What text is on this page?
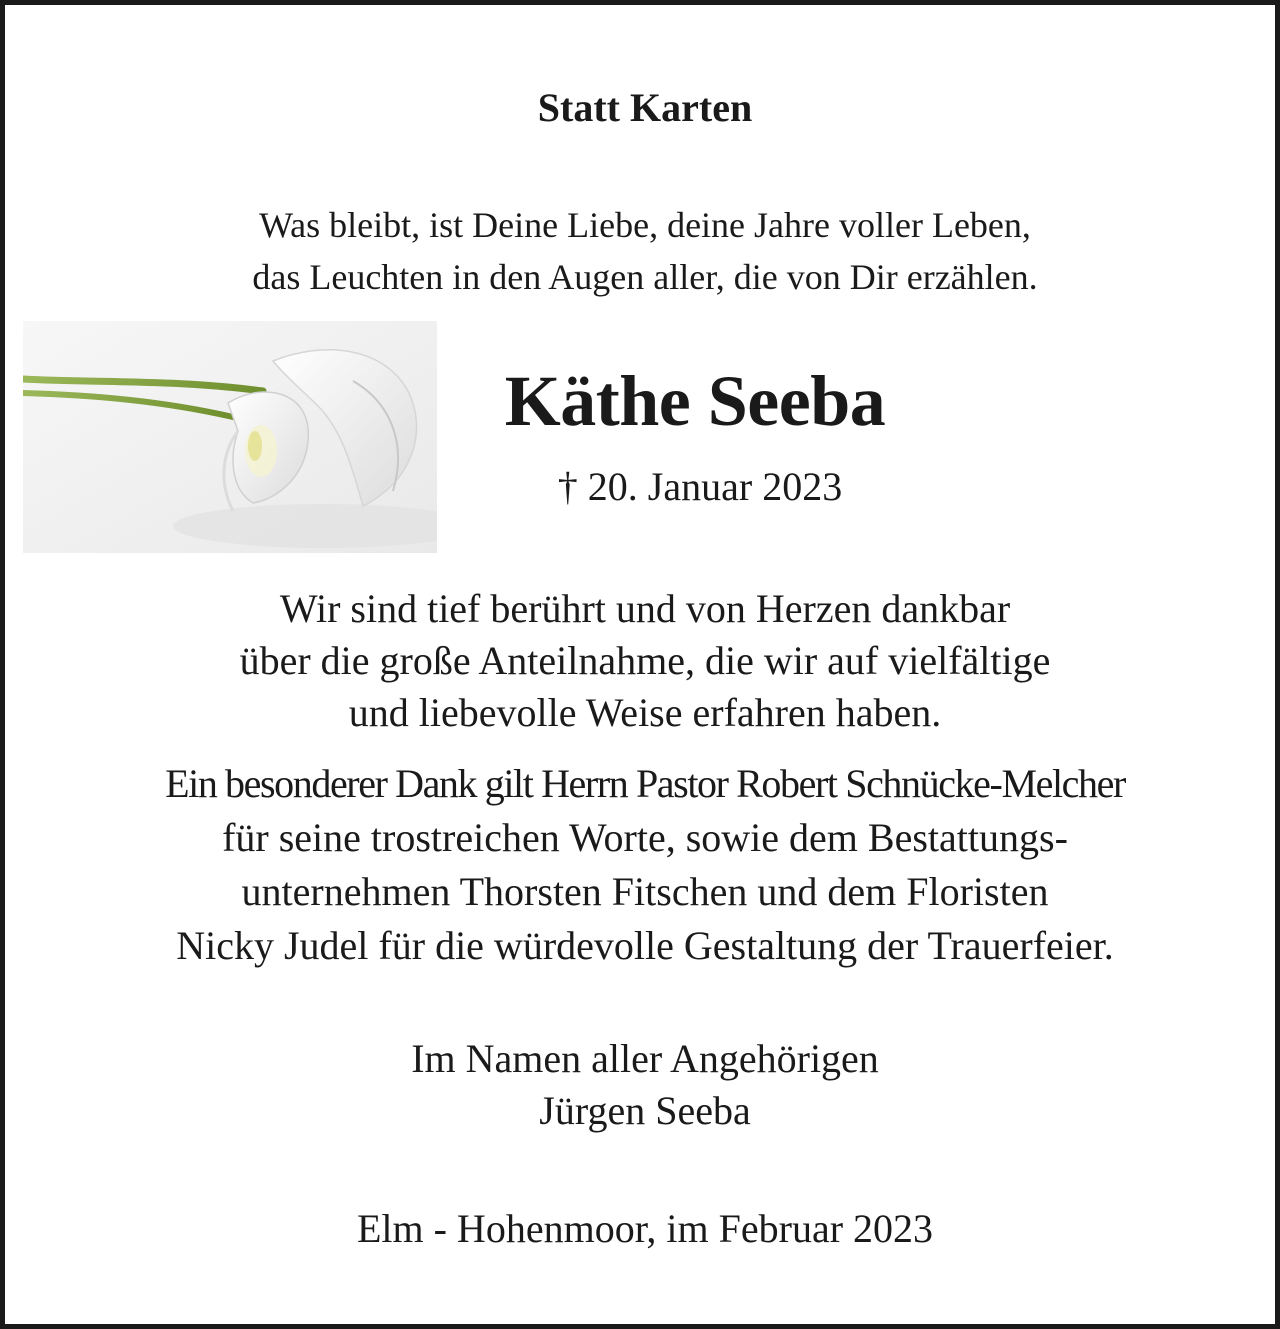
Statt Karten

Was bleibt, ist Deine Liebe, deine Jahre voller Leben,
das Leuchten in den Augen aller, die von Dir erzählen.

Käthe Seeba

† 20. Januar 2023

Wir sind tief berührt und von Herzen dankbar
über die große Anteilnahme, die wir auf vielfältige
und liebevolle Weise erfahren haben.

Ein besonderer Dank gilt Herrn Pastor Robert Schnücke-Melcher
für seine trostreichen Worte, sowie dem Bestattungs-
unternehmen Thorsten Fitschen und dem Floristen
Nicky Judel für die würdevolle Gestaltung der Trauerfeier.

Im Namen aller Angehörigen
Jürgen Seeba

Elm - Hohenmoor, im Februar 2023
